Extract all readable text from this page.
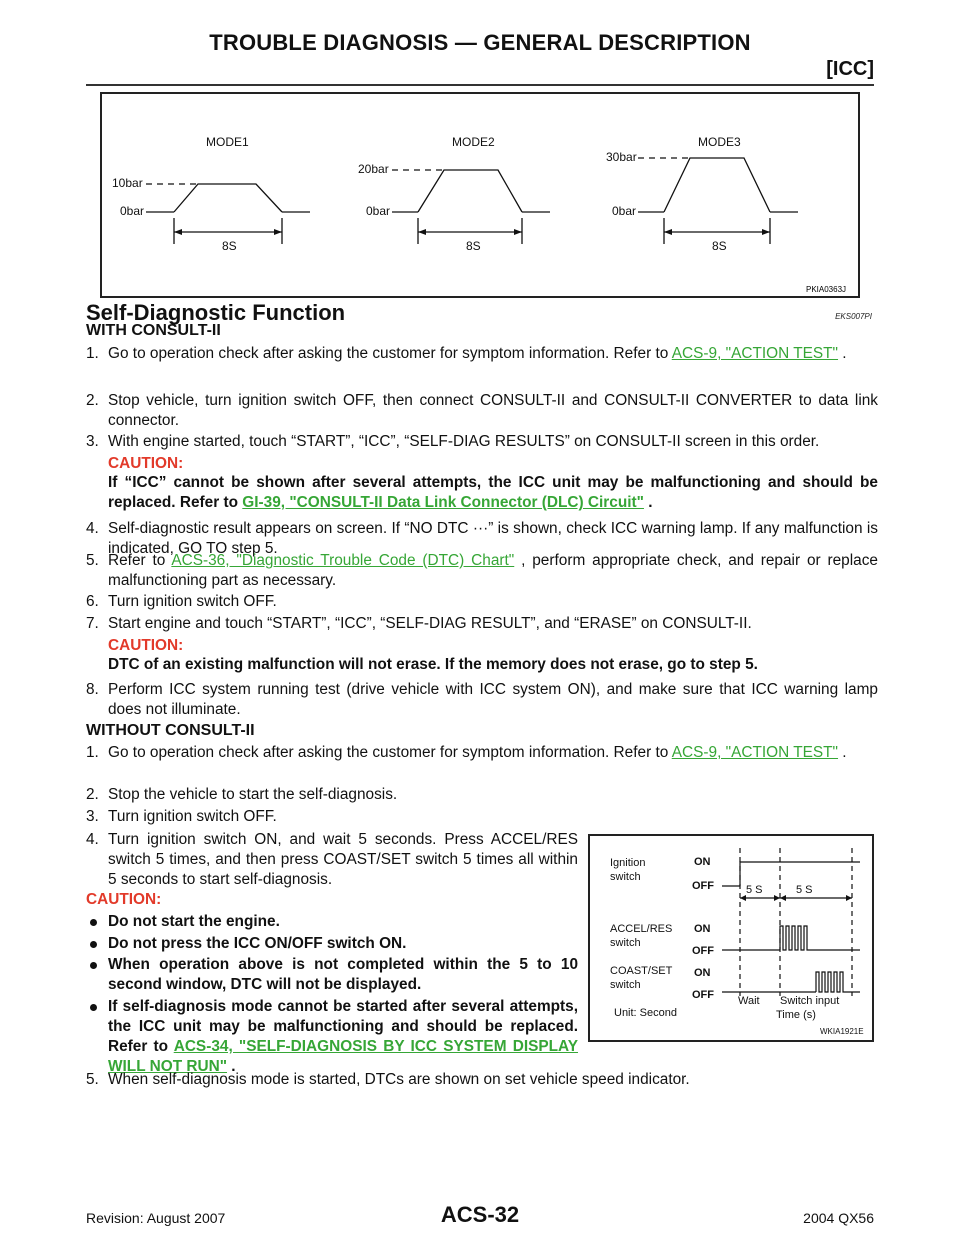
TROUBLE DIAGNOSIS — GENERAL DESCRIPTION
[ICC]
MODE1
10bar
0bar
8S
MODE2
20bar
0bar
8S
MODE3
30bar
0bar
8S
PKIA0363J
Self-Diagnostic Function	EKS007PI
WITH CONSULT-II
1. Go to operation check after asking the customer for symptom information. Refer to ACS-9, "ACTION TEST" .
2. Stop vehicle, turn ignition switch OFF, then connect CONSULT-II and CONSULT-II CONVERTER to data link connector.
3. With engine started, touch “START”, “ICC”, “SELF-DIAG RESULTS” on CONSULT-II screen in this order.
CAUTION:
If “ICC” cannot be shown after several attempts, the ICC unit may be malfunctioning and should be replaced. Refer to GI-39, "CONSULT-II Data Link Connector (DLC) Circuit" .
4. Self-diagnostic result appears on screen. If “NO DTC ···” is shown, check ICC warning lamp. If any malfunction is indicated, GO TO step 5.
5. Refer to ACS-36, "Diagnostic Trouble Code (DTC) Chart" , perform appropriate check, and repair or replace malfunctioning part as necessary.
6. Turn ignition switch OFF.
7. Start engine and touch “START”, “ICC”, “SELF-DIAG RESULT”, and “ERASE” on CONSULT-II.
CAUTION:
DTC of an existing malfunction will not erase. If the memory does not erase, go to step 5.
8. Perform ICC system running test (drive vehicle with ICC system ON), and make sure that ICC warning lamp does not illuminate.
WITHOUT CONSULT-II
1. Go to operation check after asking the customer for symptom information. Refer to ACS-9, "ACTION TEST" .
2. Stop the vehicle to start the self-diagnosis.
3. Turn ignition switch OFF.
4. Turn ignition switch ON, and wait 5 seconds. Press ACCEL/RES switch 5 times, and then press COAST/SET switch 5 times all within 5 seconds to start self-diagnosis.
CAUTION:
Do not start the engine.
Do not press the ICC ON/OFF switch ON.
When operation above is not completed within the 5 to 10 second window, DTC will not be displayed.
If self-diagnosis mode cannot be started after several attempts, the ICC unit may be malfunctioning and should be replaced. Refer to ACS-34, "SELF-DIAGNOSIS BY ICC SYSTEM DISPLAY WILL NOT RUN" .
5. When self-diagnosis mode is started, DTCs are shown on set vehicle speed indicator.
Ignition
switch
ON
OFF
ACCEL/RES
switch
ON
OFF
COAST/SET
switch
ON
OFF
5 S	5 S
Unit: Second
Wait Switch input
Time (s)
WKIA1921E
Revision: August 2007	ACS-32	2004 QX56
